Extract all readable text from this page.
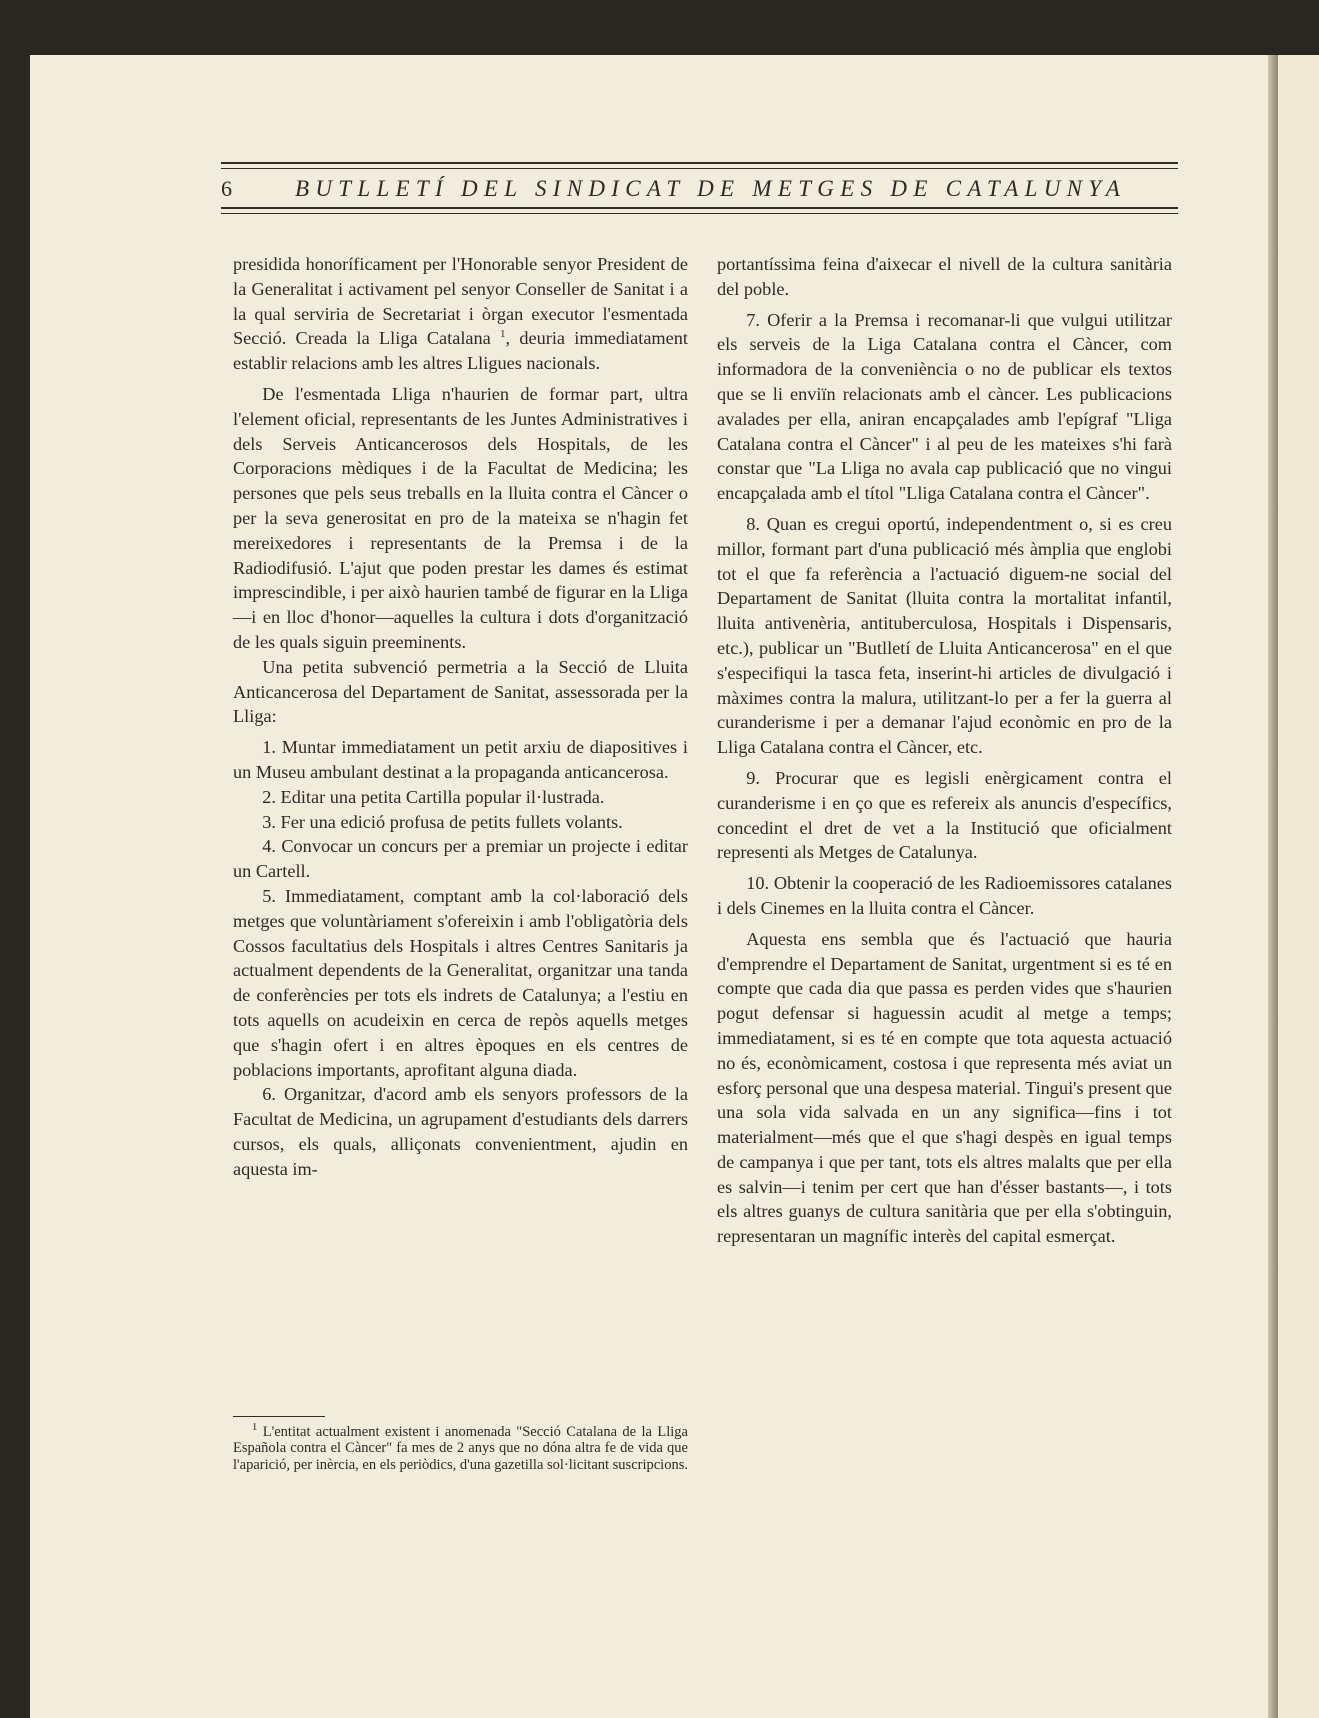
6	BUTLLETÍ DEL SINDICAT DE METGES DE CATALUNYA

presidida honoríficament per l'Honorable senyor President de la Generalitat i activament pel senyor Conseller de Sanitat i a la qual serviria de Secretariat i òrgan executor l'esmentada Secció. Creada la Lliga Catalana $^1$, deuria immediatament establir relacions amb les altres Lligues nacionals.

De l'esmentada Lliga n'haurien de formar part, ultra l'element oficial, representants de les Juntes Administratives i dels Serveis Anticancerosos dels Hospitals, de les Corporacions mèdiques i de la Facultat de Medicina; les persones que pels seus treballs en la lluita contra el Càncer o per la seva generositat en pro de la mateixa se n'hagin fet mereixedores i representants de la Premsa i de la Radiodifusió. L'ajut que poden prestar les dames és estimat imprescindible, i per això haurien també de figurar en la Lliga—i en lloc d'honor—aquelles la cultura i dots d'organització de les quals siguin preeminents.

Una petita subvenció permetria a la Secció de Lluita Anticancerosa del Departament de Sanitat, assessorada per la Lliga:

1. Muntar immediatament un petit arxiu de diapositives i un Museu ambulant destinat a la propaganda anticancerosa.

2. Editar una petita Cartilla popular il·lustrada.

3. Fer una edició profusa de petits fullets volants.

4. Convocar un concurs per a premiar un projecte i editar un Cartell.

5. Immediatament, comptant amb la col·laboració dels metges que voluntàriament s'ofereixin i amb l'obligatòria dels Cossos facultatius dels Hospitals i altres Centres Sanitaris ja actualment dependents de la Generalitat, organitzar una tanda de conferències per tots els indrets de Catalunya; a l'estiu en tots aquells on acudeixin en cerca de repòs aquells metges que s'hagin ofert i en altres èpoques en els centres de poblacions importants, aprofitant alguna diada.

6. Organitzar, d'acord amb els senyors professors de la Facultat de Medicina, un agrupament d'estudiants dels darrers cursos, els quals, alliçonats convenientment, ajudin en aquesta im-

$^1$ L'entitat actualment existent i anomenada "Secció Catalana de la Lliga Española contra el Càncer" fa mes de 2 anys que no dóna altra fe de vida que l'aparició, per inèrcia, en els periòdics, d'una gazetilla sol·licitant suscripcions.

portantíssima feina d'aixecar el nivell de la cultura sanitària del poble.

7. Oferir a la Premsa i recomanar-li que vulgui utilitzar els serveis de la Liga Catalana contra el Càncer, com informadora de la conveniència o no de publicar els textos que se li enviïn relacionats amb el càncer. Les publicacions avalades per ella, aniran encapçalades amb l'epígraf "Lliga Catalana contra el Càncer" i al peu de les mateixes s'hi farà constar que "La Lliga no avala cap publicació que no vingui encapçalada amb el títol "Lliga Catalana contra el Càncer".

8. Quan es cregui oportú, independentment o, si es creu millor, formant part d'una publicació més àmplia que englobi tot el que fa referència a l'actuació diguem-ne social del Departament de Sanitat (lluita contra la mortalitat infantil, lluita antivenèria, antituberculosa, Hospitals i Dispensaris, etc.), publicar un "Butlletí de Lluita Anticancerosa" en el que s'especifiqui la tasca feta, inserint-hi articles de divulgació i màximes contra la malura, utilitzant-lo per a fer la guerra al curanderisme i per a demanar l'ajud econòmic en pro de la Lliga Catalana contra el Càncer, etc.

9. Procurar que es legisli enèrgicament contra el curanderisme i en ço que es refereix als anuncis d'específics, concedint el dret de vet a la Institució que oficialment representi als Metges de Catalunya.

10. Obtenir la cooperació de les Radioemissores catalanes i dels Cinemes en la lluita contra el Càncer.

Aquesta ens sembla que és l'actuació que hauria d'emprendre el Departament de Sanitat, urgentment si es té en compte que cada dia que passa es perden vides que s'haurien pogut defensar si haguessin acudit al metge a temps; immediatament, si es té en compte que tota aquesta actuació no és, econòmicament, costosa i que representa més aviat un esforç personal que una despesa material. Tingui's present que una sola vida salvada en un any significa—fins i tot materialment—més que el que s'hagi despès en igual temps de campanya i que per tant, tots els altres malalts que per ella es salvin—i tenim per cert que han d'ésser bastants—, i tots els altres guanys de cultura sanitària que per ella s'obtinguin, representaran un magnífic interès del capital esmerçat.
